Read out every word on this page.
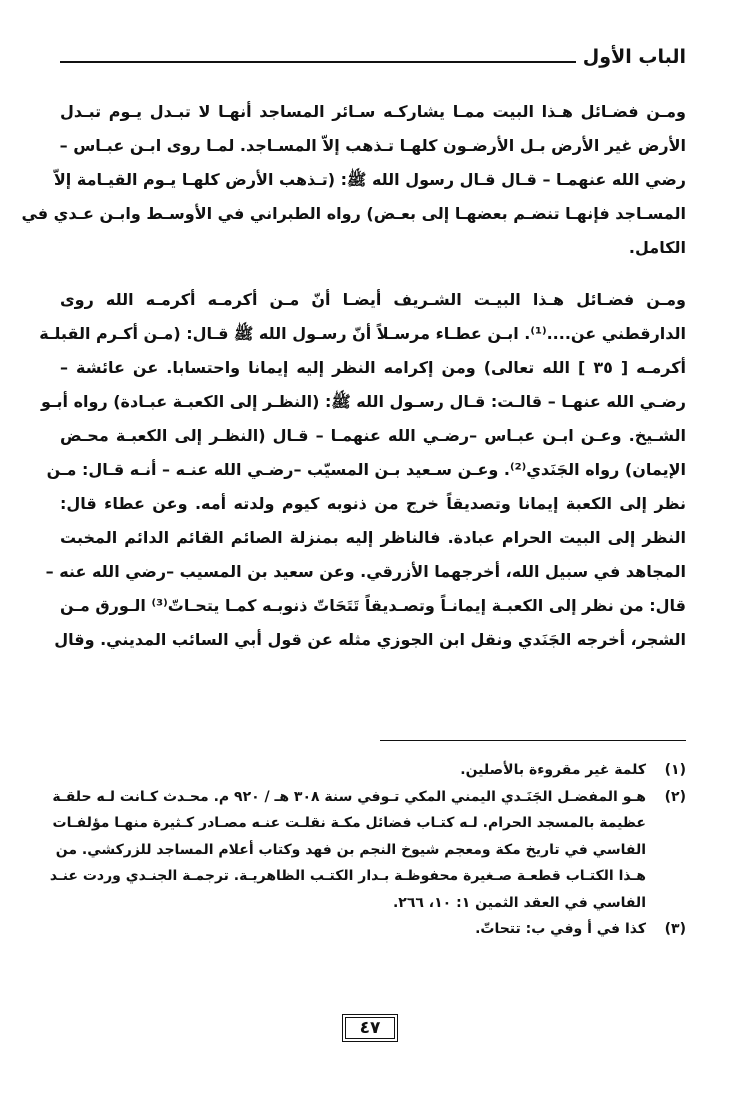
الباب الأول
ومـن فضـائل هـذا البيت ممـا يشاركـه سـائر المساجد أنهـا لا تبـدل يـوم تبـدل
الأرض غير الأرض بـل الأرضـون كلهـا تـذهب إلاّ المسـاجد. لمـا روى ابـن عبـاس –
رضي الله عنهمـا – قـال قـال رسول الله ﷺ: (تـذهب الأرض كلهـا يـوم القيـامة إلاّ
المسـاجد فإنهـا تنضـم بعضهـا إلى بعـض) رواه الطبراني في الأوسـط وابـن عـدي في
الكامل.
ومـن فضـائل هـذا البيـت الشـريف أيضـا أنّ مـن أكرمـه أكرمـه الله روى
الدارقطني عن....⁽¹⁾. ابـن عطـاء مرسـلاً أنّ رسـول الله ﷺ قـال: (مـن أكـرم القبلـة
أكرمـه [ ٣٥ ] الله تعالى) ومن إكرامه النظر إليه إيمانا واحتسابا. عن عائشة –
رضـي الله عنهـا – قالـت: قـال رسـول الله ﷺ: (النظـر إلى الكعبـة عبـادة) رواه أبـو
الشـيخ. وعـن ابـن عبـاس –رضـي الله عنهمـا – قـال (النظـر إلى الكعبـة محـض
الإيمان) رواه الجَنَدي⁽²⁾. وعـن سـعيد بـن المسيّب –رضـي الله عنـه – أنـه قـال: مـن
نظر إلى الكعبة إيمانا وتصديقاً خرج من ذنوبه كيوم ولدته أمه. وعن عطاء قال:
النظر إلى البيت الحرام عبادة. فالناظر إليه بمنزلة الصائم القائم الدائم المخبت
المجاهد في سبيل الله، أخرجهما الأزرقي. وعن سعيد بن المسيب –رضي الله عنه –
قال: من نظر إلى الكعبـة إيمانـاً وتصـديقاً تَتَحَاتّ ذنوبـه كمـا يتحـاتّ⁽³⁾ الـورق مـن
الشجر، أخرجه الجَنَدي ونقل ابن الجوزي مثله عن قول أبي السائب المديني. وقال
(١)كلمة غير مقروءة بالأصلين.
(٢)هـو المفضـل الجَنَـدي اليمني المكي تـوفي سنة ٣٠٨ هـ / ٩٢٠ م. محـدث كـانت لـه حلقـة
عظيمة بالمسجد الحرام. لـه كتـاب فضائل مكـة نقلـت عنـه مصـادر كـثيرة منهـا مؤلفـات
الفاسي في تاريخ مكة ومعجم شيوخ النجم بن فهد وكتاب أعلام المساجد للزركشي. من
هـذا الكتـاب قطعـة صـغيرة محفوظـة بـدار الكتـب الظاهريـة. ترجمـة الجنـدي وردت عنـد
الفاسي في العقد الثمين ١: ١٠، ٢٦٦.
(٣)كذا في أ وفي ب: تتحاتّ.
٤٧
